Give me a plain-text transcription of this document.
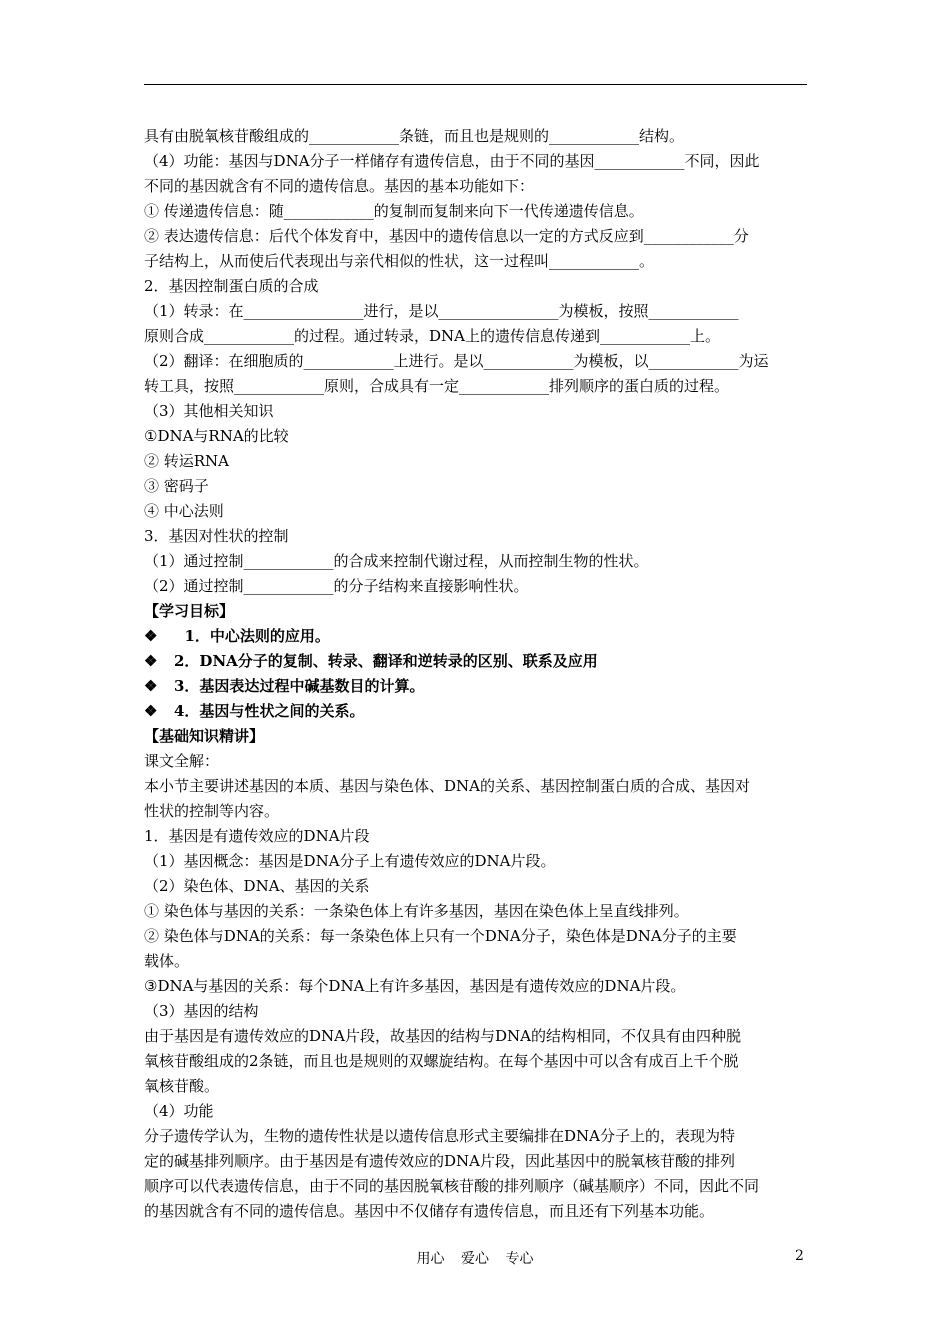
具有由脱氧核苷酸组成的____________条链，而且也是规则的____________结构。
（4）功能：基因与DNA分子一样储存有遗传信息，由于不同的基因____________不同，因此
不同的基因就含有不同的遗传信息。基因的基本功能如下：
① 传递遗传信息：随____________的复制而复制来向下一代传递遗传信息。
② 表达遗传信息：后代个体发育中，基因中的遗传信息以一定的方式反应到____________分
子结构上，从而使后代表现出与亲代相似的性状，这一过程叫____________。
2．基因控制蛋白质的合成
（1）转录：在________________进行，是以________________为模板，按照____________
原则合成____________的过程。通过转录，DNA上的遗传信息传递到____________上。
（2）翻译：在细胞质的____________上进行。是以____________为模板，以____________为运
转工具，按照____________原则，合成具有一定____________排列顺序的蛋白质的过程。
（3）其他相关知识
①DNA与RNA的比较
② 转运RNA
③ 密码子
④ 中心法则
3．基因对性状的控制
（1）通过控制____________的合成来控制代谢过程，从而控制生物的性状。
（2）通过控制____________的分子结构来直接影响性状。
【学习目标】
❖  1．中心法则的应用。
❖ 2．DNA分子的复制、转录、翻译和逆转录的区别、联系及应用
❖ 3．基因表达过程中碱基数目的计算。
❖ 4．基因与性状之间的关系。
【基础知识精讲】
课文全解：
本小节主要讲述基因的本质、基因与染色体、DNA的关系、基因控制蛋白质的合成、基因对
性状的控制等内容。
1．基因是有遗传效应的DNA片段
（1）基因概念：基因是DNA分子上有遗传效应的DNA片段。
（2）染色体、DNA、基因的关系
① 染色体与基因的关系：一条染色体上有许多基因，基因在染色体上呈直线排列。
② 染色体与DNA的关系：每一条染色体上只有一个DNA分子，染色体是DNA分子的主要
载体。
③DNA与基因的关系：每个DNA上有许多基因，基因是有遗传效应的DNA片段。
（3）基因的结构
由于基因是有遗传效应的DNA片段，故基因的结构与DNA的结构相同，不仅具有由四种脱
氧核苷酸组成的2条链，而且也是规则的双螺旋结构。在每个基因中可以含有成百上千个脱
氧核苷酸。
（4）功能
分子遗传学认为，生物的遗传性状是以遗传信息形式主要编排在DNA分子上的，表现为特
定的碱基排列顺序。由于基因是有遗传效应的DNA片段，因此基因中的脱氧核苷酸的排列
顺序可以代表遗传信息，由于不同的基因脱氧核苷酸的排列顺序（碱基顺序）不同，因此不同
的基因就含有不同的遗传信息。基因中不仅储存有遗传信息，而且还有下列基本功能。
用心 爱心 专心	2
